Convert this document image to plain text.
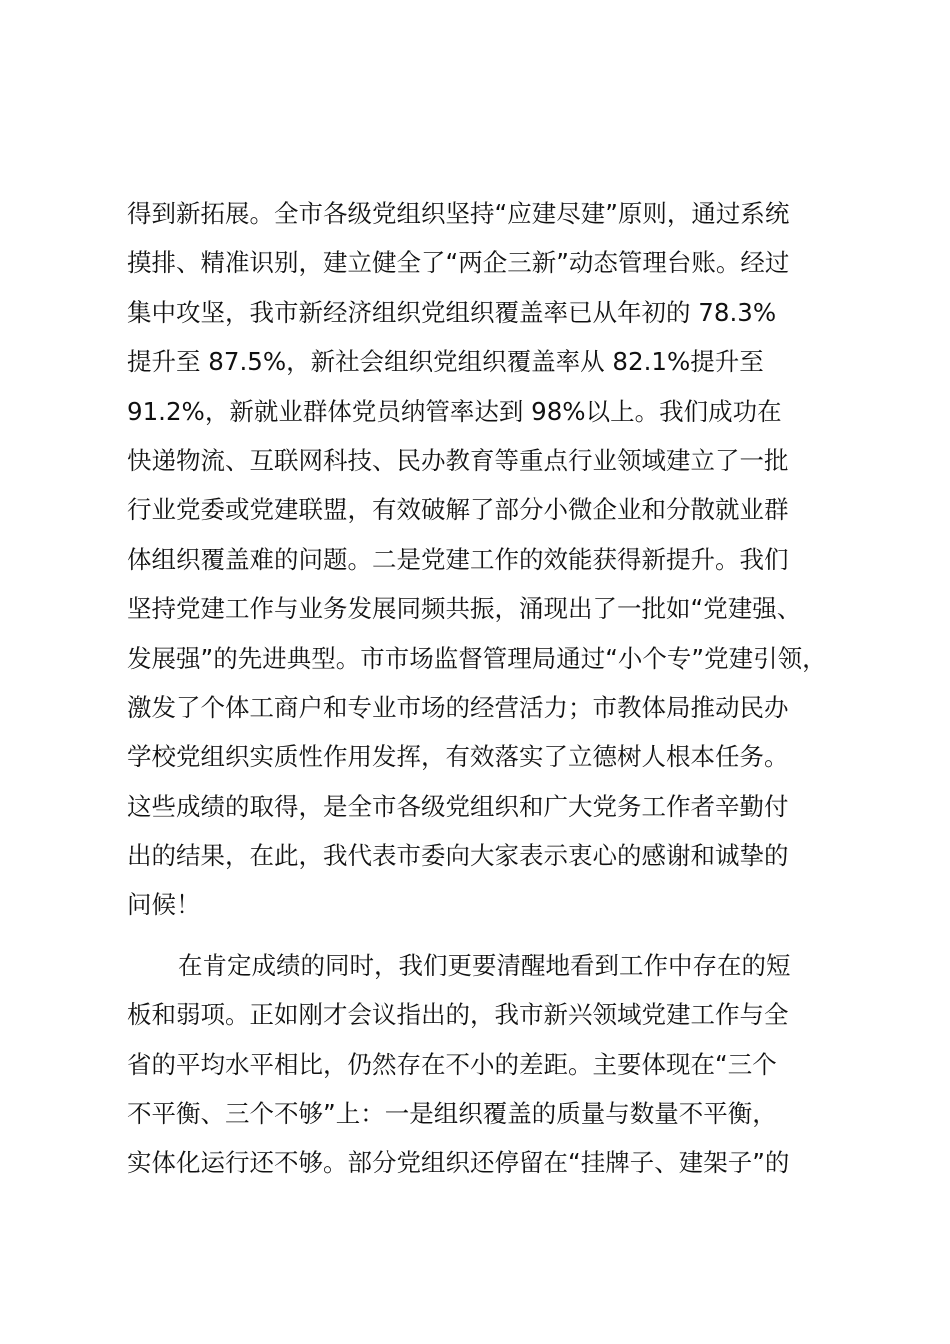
得到新拓展。全市各级党组织坚持“应建尽建”原则，通过系统
摸排、精准识别，建立健全了“两企三新”动态管理台账。经过
集中攻坚，我市新经济组织党组织覆盖率已从年初的 78.3%
提升至 87.5%，新社会组织党组织覆盖率从 82.1%提升至
91.2%，新就业群体党员纳管率达到 98%以上。我们成功在
快递物流、互联网科技、民办教育等重点行业领域建立了一批
行业党委或党建联盟，有效破解了部分小微企业和分散就业群
体组织覆盖难的问题。二是党建工作的效能获得新提升。我们
坚持党建工作与业务发展同频共振，涌现出了一批如“党建强、
发展强”的先进典型。市市场监督管理局通过“小个专”党建引领，
激发了个体工商户和专业市场的经营活力；市教体局推动民办
学校党组织实质性作用发挥，有效落实了立德树人根本任务。
这些成绩的取得，是全市各级党组织和广大党务工作者辛勤付
出的结果，在此，我代表市委向大家表示衷心的感谢和诚挚的
问候！
在肯定成绩的同时，我们更要清醒地看到工作中存在的短
板和弱项。正如刚才会议指出的，我市新兴领域党建工作与全
省的平均水平相比，仍然存在不小的差距。主要体现在“三个
不平衡、三个不够”上：一是组织覆盖的质量与数量不平衡，
实体化运行还不够。部分党组织还停留在“挂牌子、建架子”的
